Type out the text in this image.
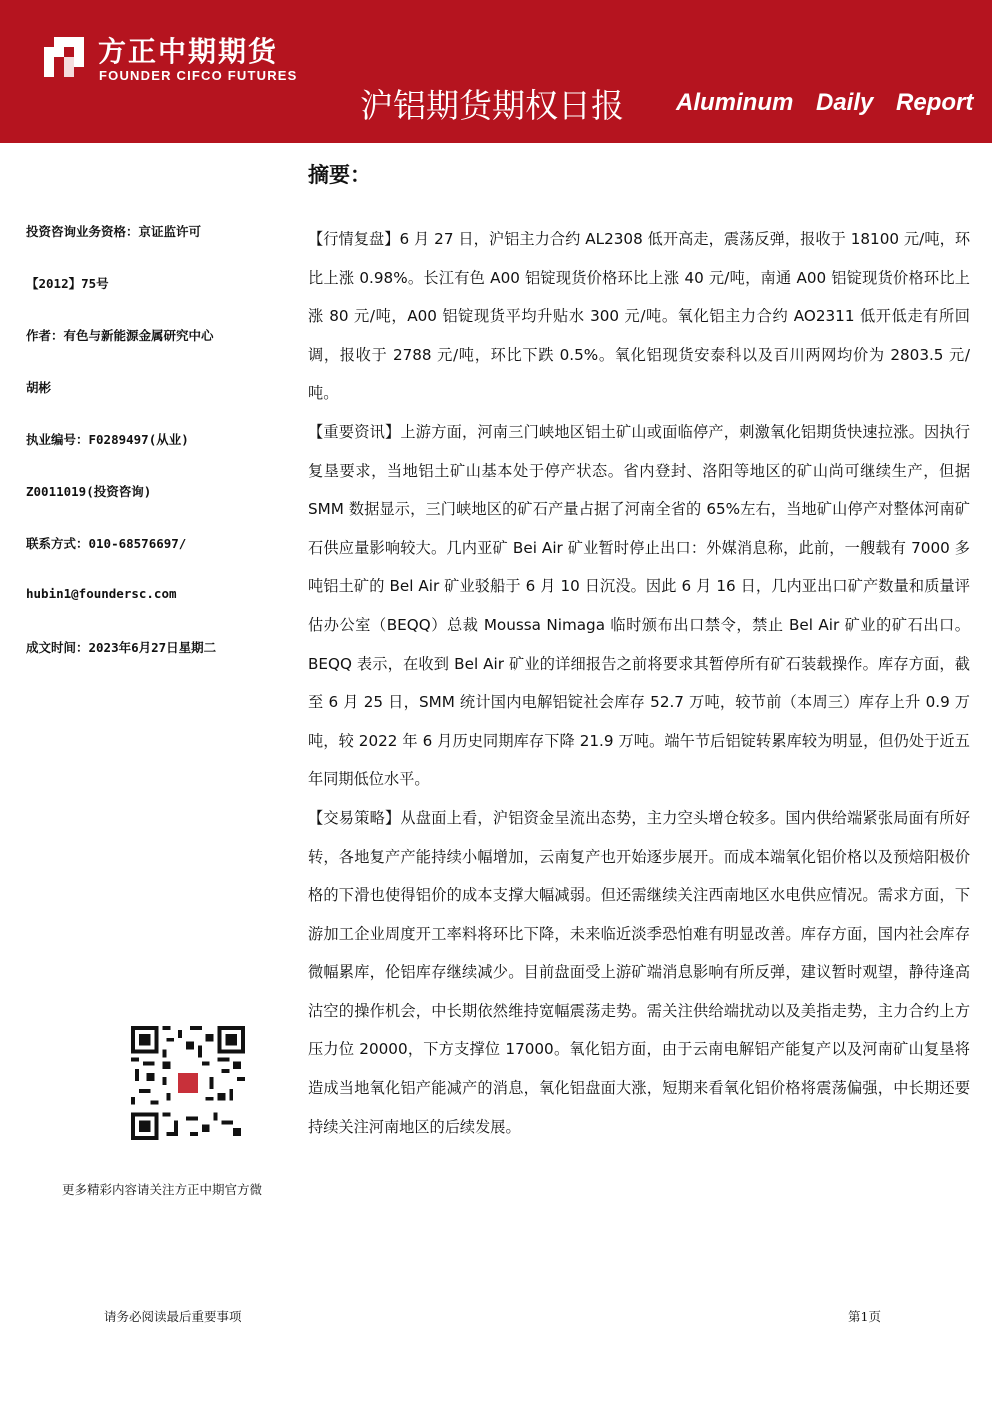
方正中期期货
FOUNDER CIFCO FUTURES
沪铝期货期权日报 Aluminum Daily Report
摘要：
投资咨询业务资格：京证监许可
【2012】75号
作者：有色与新能源金属研究中心
胡彬
执业编号：F0289497(从业)
Z0011019(投资咨询)
联系方式：010-68576697/
hubin1@foundersc.com
成文时间：2023年6月27日星期二
更多精彩内容请关注方正中期官方微

【行情复盘】6 月 27 日，沪铝主力合约 AL2308 低开高走，震荡反弹，报收于 18100 元/吨，环比上涨 0.98%。长江有色 A00 铝锭现货价格环比上涨 40 元/吨，南通 A00 铝锭现货价格环比上涨 80 元/吨，A00 铝锭现货平均升贴水 300 元/吨。氧化铝主力合约 AO2311 低开低走有所回调，报收于 2788 元/吨，环比下跌 0.5%。氧化铝现货安泰科以及百川两网均价为 2803.5 元/吨。

【重要资讯】上游方面，河南三门峡地区铝土矿山或面临停产，刺激氧化铝期货快速拉涨。因执行复垦要求，当地铝土矿山基本处于停产状态。省内登封、洛阳等地区的矿山尚可继续生产，但据 SMM 数据显示，三门峡地区的矿石产量占据了河南全省的 65%左右，当地矿山停产对整体河南矿石供应量影响较大。几内亚矿 Bei Air 矿业暂时停止出口：外媒消息称，此前，一艘载有 7000 多吨铝土矿的 Bel Air 矿业驳船于 6 月 10 日沉没。因此 6 月 16 日，几内亚出口矿产数量和质量评估办公室（BEQQ）总裁 Moussa Nimaga 临时颁布出口禁令，禁止 Bel Air 矿业的矿石出口。BEQQ 表示，在收到 Bel Air 矿业的详细报告之前将要求其暂停所有矿石装载操作。库存方面，截至 6 月 25 日，SMM 统计国内电解铝锭社会库存 52.7 万吨，较节前（本周三）库存上升 0.9 万吨，较 2022 年 6 月历史同期库存下降 21.9 万吨。端午节后铝锭转累库较为明显，但仍处于近五年同期低位水平。

【交易策略】从盘面上看，沪铝资金呈流出态势，主力空头增仓较多。国内供给端紧张局面有所好转，各地复产产能持续小幅增加，云南复产也开始逐步展开。而成本端氧化铝价格以及预焙阳极价格的下滑也使得铝价的成本支撑大幅减弱。但还需继续关注西南地区水电供应情况。需求方面，下游加工企业周度开工率料将环比下降，未来临近淡季恐怕难有明显改善。库存方面，国内社会库存微幅累库，伦铝库存继续减少。目前盘面受上游矿端消息影响有所反弹，建议暂时观望，静待逢高沽空的操作机会，中长期依然维持宽幅震荡走势。需关注供给端扰动以及美指走势，主力合约上方压力位 20000，下方支撑位 17000。氧化铝方面，由于云南电解铝产能复产以及河南矿山复垦将造成当地氧化铝产能减产的消息，氧化铝盘面大涨，短期来看氧化铝价格将震荡偏强，中长期还要持续关注河南地区的后续发展。

请务必阅读最后重要事项	第1页
